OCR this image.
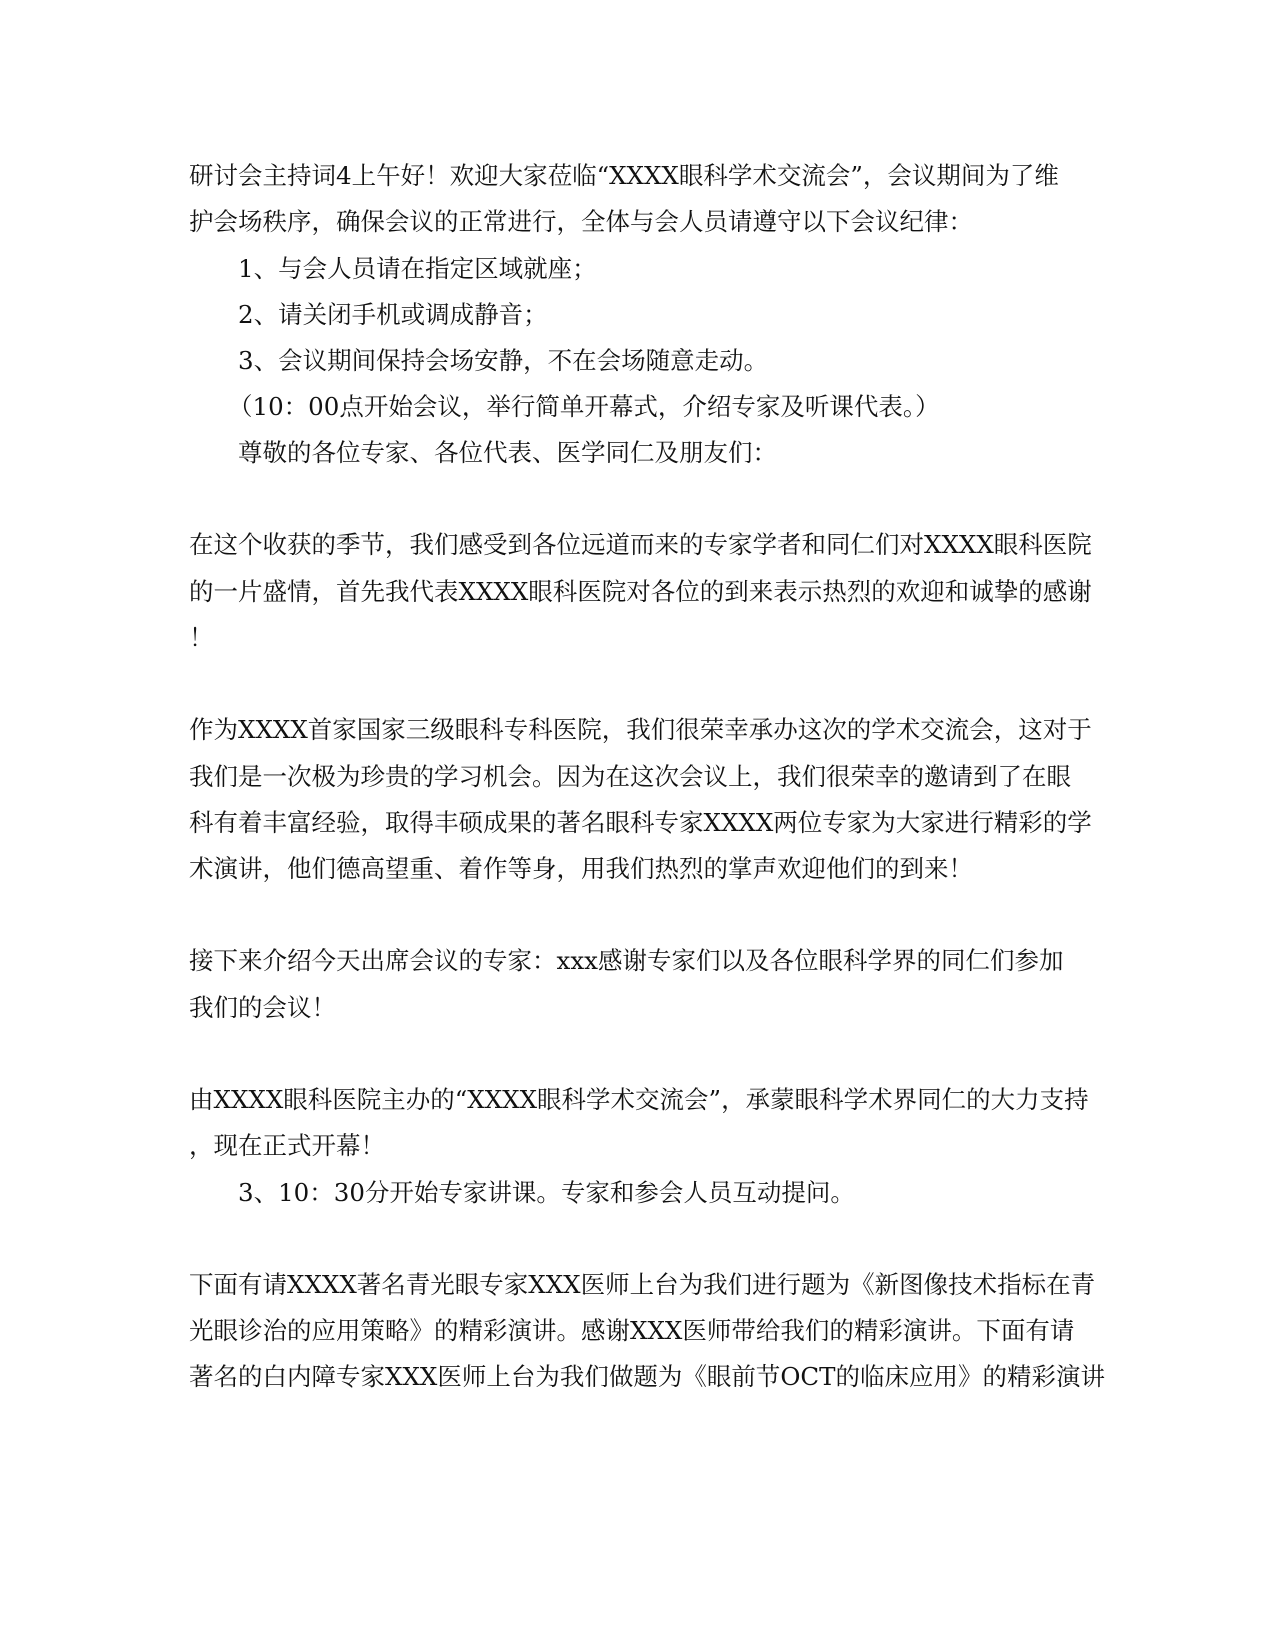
研讨会主持词4上午好！欢迎大家莅临“XXXX眼科学术交流会”，会议期间为了维
护会场秩序，确保会议的正常进行，全体与会人员请遵守以下会议纪律：
1、与会人员请在指定区域就座；
2、请关闭手机或调成静音；
3、会议期间保持会场安静，不在会场随意走动。
（10：00点开始会议，举行简单开幕式，介绍专家及听课代表。）
尊敬的各位专家、各位代表、医学同仁及朋友们：
在这个收获的季节，我们感受到各位远道而来的专家学者和同仁们对XXXX眼科医院
的一片盛情，首先我代表XXXX眼科医院对各位的到来表示热烈的欢迎和诚挚的感谢
！
作为XXXX首家国家三级眼科专科医院，我们很荣幸承办这次的学术交流会，这对于
我们是一次极为珍贵的学习机会。因为在这次会议上，我们很荣幸的邀请到了在眼
科有着丰富经验，取得丰硕成果的著名眼科专家XXXX两位专家为大家进行精彩的学
术演讲，他们德高望重、着作等身，用我们热烈的掌声欢迎他们的到来！
接下来介绍今天出席会议的专家：xxx感谢专家们以及各位眼科学界的同仁们参加
我们的会议！
由XXXX眼科医院主办的“XXXX眼科学术交流会”，承蒙眼科学术界同仁的大力支持
，现在正式开幕！
3、10：30分开始专家讲课。专家和参会人员互动提问。
下面有请XXXX著名青光眼专家XXX医师上台为我们进行题为《新图像技术指标在青
光眼诊治的应用策略》的精彩演讲。感谢XXX医师带给我们的精彩演讲。下面有请
著名的白内障专家XXX医师上台为我们做题为《眼前节OCT的临床应用》的精彩演讲
